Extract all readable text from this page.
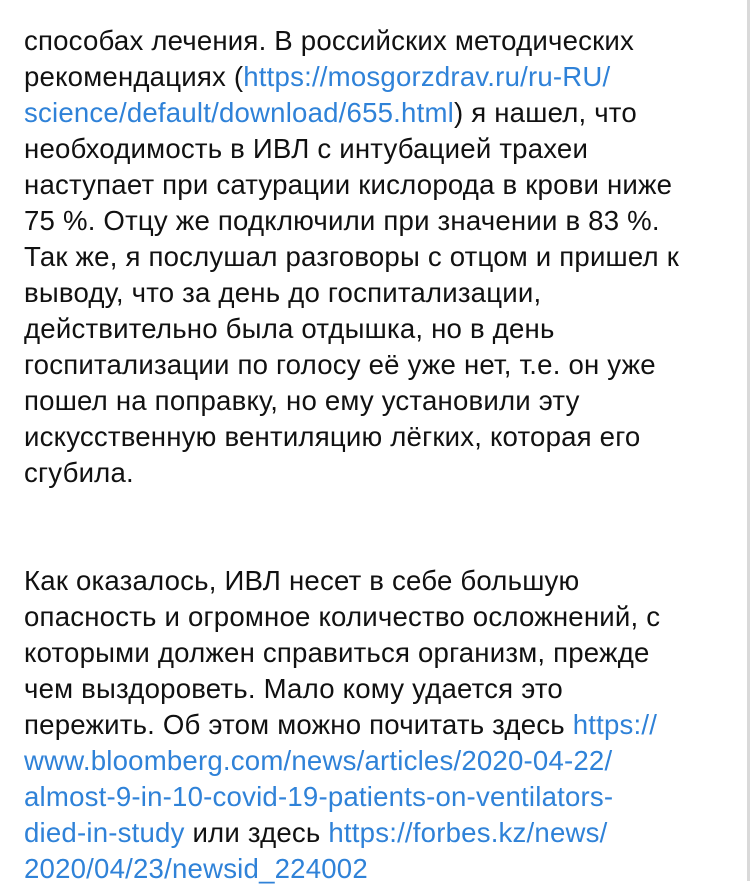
способах лечения. В российских методических
рекомендациях (https://mosgorzdrav.ru/ru-RU/
science/default/download/655.html) я нашел, что
необходимость в ИВЛ с интубацией трахеи
наступает при сатурации кислорода в крови ниже
75 %. Отцу же подключили при значении в 83 %.
Так же, я послушал разговоры с отцом и пришел к
выводу, что за день до госпитализации,
действительно была отдышка, но в день
госпитализации по голосу её уже нет, т.е. он уже
пошел на поправку, но ему установили эту
искусственную вентиляцию лёгких, которая его
сгубила.
Как оказалось, ИВЛ несет в себе большую
опасность и огромное количество осложнений, с
которыми должен справиться организм, прежде
чем выздороветь. Мало кому удается это
пережить. Об этом можно почитать здесь https://
www.bloomberg.com/news/articles/2020-04-22/
almost-9-in-10-covid-19-patients-on-ventilators-
died-in-study или здесь https://forbes.kz/news/
2020/04/23/newsid_224002
